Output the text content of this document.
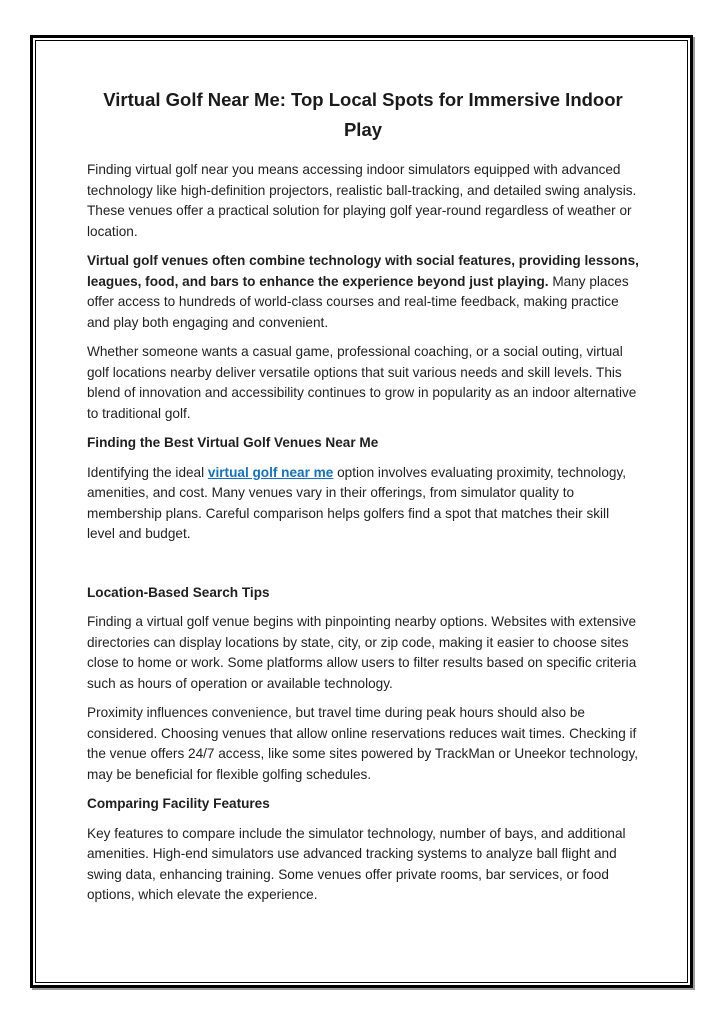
Virtual Golf Near Me: Top Local Spots for Immersive Indoor Play

Finding virtual golf near you means accessing indoor simulators equipped with advanced technology like high-definition projectors, realistic ball-tracking, and detailed swing analysis. These venues offer a practical solution for playing golf year-round regardless of weather or location.

Virtual golf venues often combine technology with social features, providing lessons, leagues, food, and bars to enhance the experience beyond just playing. Many places offer access to hundreds of world-class courses and real-time feedback, making practice and play both engaging and convenient.

Whether someone wants a casual game, professional coaching, or a social outing, virtual golf locations nearby deliver versatile options that suit various needs and skill levels. This blend of innovation and accessibility continues to grow in popularity as an indoor alternative to traditional golf.

Finding the Best Virtual Golf Venues Near Me

Identifying the ideal virtual golf near me option involves evaluating proximity, technology, amenities, and cost. Many venues vary in their offerings, from simulator quality to membership plans. Careful comparison helps golfers find a spot that matches their skill level and budget.

Location-Based Search Tips

Finding a virtual golf venue begins with pinpointing nearby options. Websites with extensive directories can display locations by state, city, or zip code, making it easier to choose sites close to home or work. Some platforms allow users to filter results based on specific criteria such as hours of operation or available technology.

Proximity influences convenience, but travel time during peak hours should also be considered. Choosing venues that allow online reservations reduces wait times. Checking if the venue offers 24/7 access, like some sites powered by TrackMan or Uneekor technology, may be beneficial for flexible golfing schedules.

Comparing Facility Features

Key features to compare include the simulator technology, number of bays, and additional amenities. High-end simulators use advanced tracking systems to analyze ball flight and swing data, enhancing training. Some venues offer private rooms, bar services, or food options, which elevate the experience.
